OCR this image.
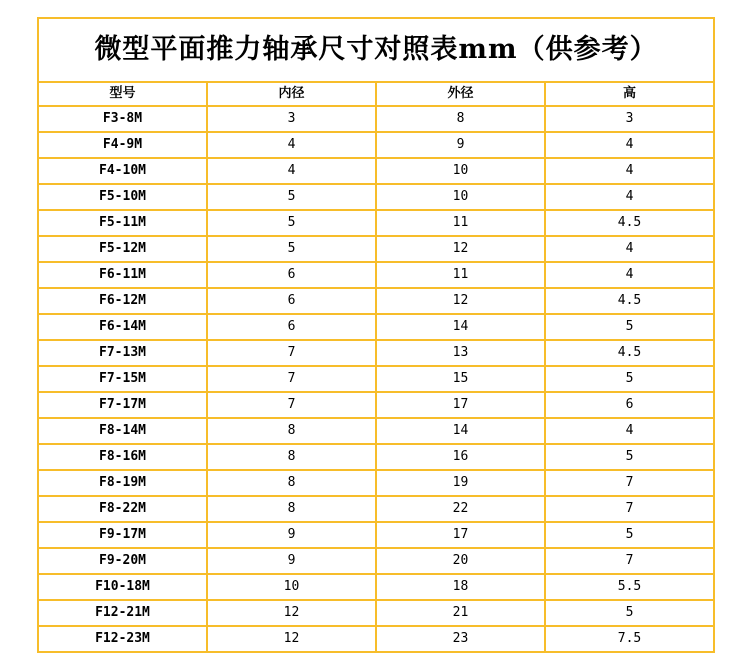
微型平面推力轴承尺寸对照表mm（供参考）			
型号	内径	外径	高
F3-8M	3	8	3
F4-9M	4	9	4
F4-10M	4	10	4
F5-10M	5	10	4
F5-11M	5	11	4.5
F5-12M	5	12	4
F6-11M	6	11	4
F6-12M	6	12	4.5
F6-14M	6	14	5
F7-13M	7	13	4.5
F7-15M	7	15	5
F7-17M	7	17	6
F8-14M	8	14	4
F8-16M	8	16	5
F8-19M	8	19	7
F8-22M	8	22	7
F9-17M	9	17	5
F9-20M	9	20	7
F10-18M	10	18	5.5
F12-21M	12	21	5
F12-23M	12	23	7.5
